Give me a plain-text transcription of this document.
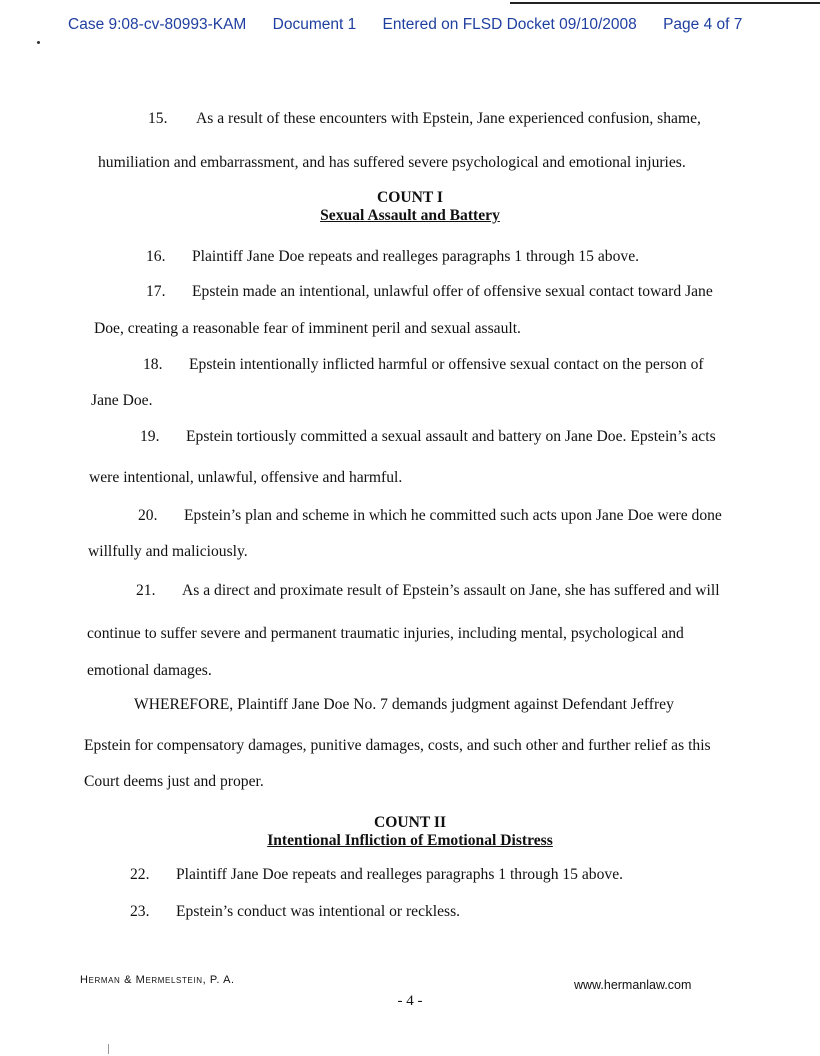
Case 9:08-cv-80993-KAM Document 1 Entered on FLSD Docket 09/10/2008 Page 4 of 7
15. As a result of these encounters with Epstein, Jane experienced confusion, shame,
humiliation and embarrassment, and has suffered severe psychological and emotional injuries.
COUNT I
Sexual Assault and Battery
16. Plaintiff Jane Doe repeats and realleges paragraphs 1 through 15 above.
17. Epstein made an intentional, unlawful offer of offensive sexual contact toward Jane
Doe, creating a reasonable fear of imminent peril and sexual assault.
18. Epstein intentionally inflicted harmful or offensive sexual contact on the person of
Jane Doe.
19. Epstein tortiously committed a sexual assault and battery on Jane Doe. Epstein’s acts
were intentional, unlawful, offensive and harmful.
20. Epstein’s plan and scheme in which he committed such acts upon Jane Doe were done
willfully and maliciously.
21. As a direct and proximate result of Epstein’s assault on Jane, she has suffered and will
continue to suffer severe and permanent traumatic injuries, including mental, psychological and
emotional damages.
WHEREFORE, Plaintiff Jane Doe No. 7 demands judgment against Defendant Jeffrey
Epstein for compensatory damages, punitive damages, costs, and such other and further relief as this
Court deems just and proper.
COUNT II
Intentional Infliction of Emotional Distress
22. Plaintiff Jane Doe repeats and realleges paragraphs 1 through 15 above.
23. Epstein’s conduct was intentional or reckless.
Herman & Mermelstein, P. A.	www.hermanlaw.com
- 4 -
